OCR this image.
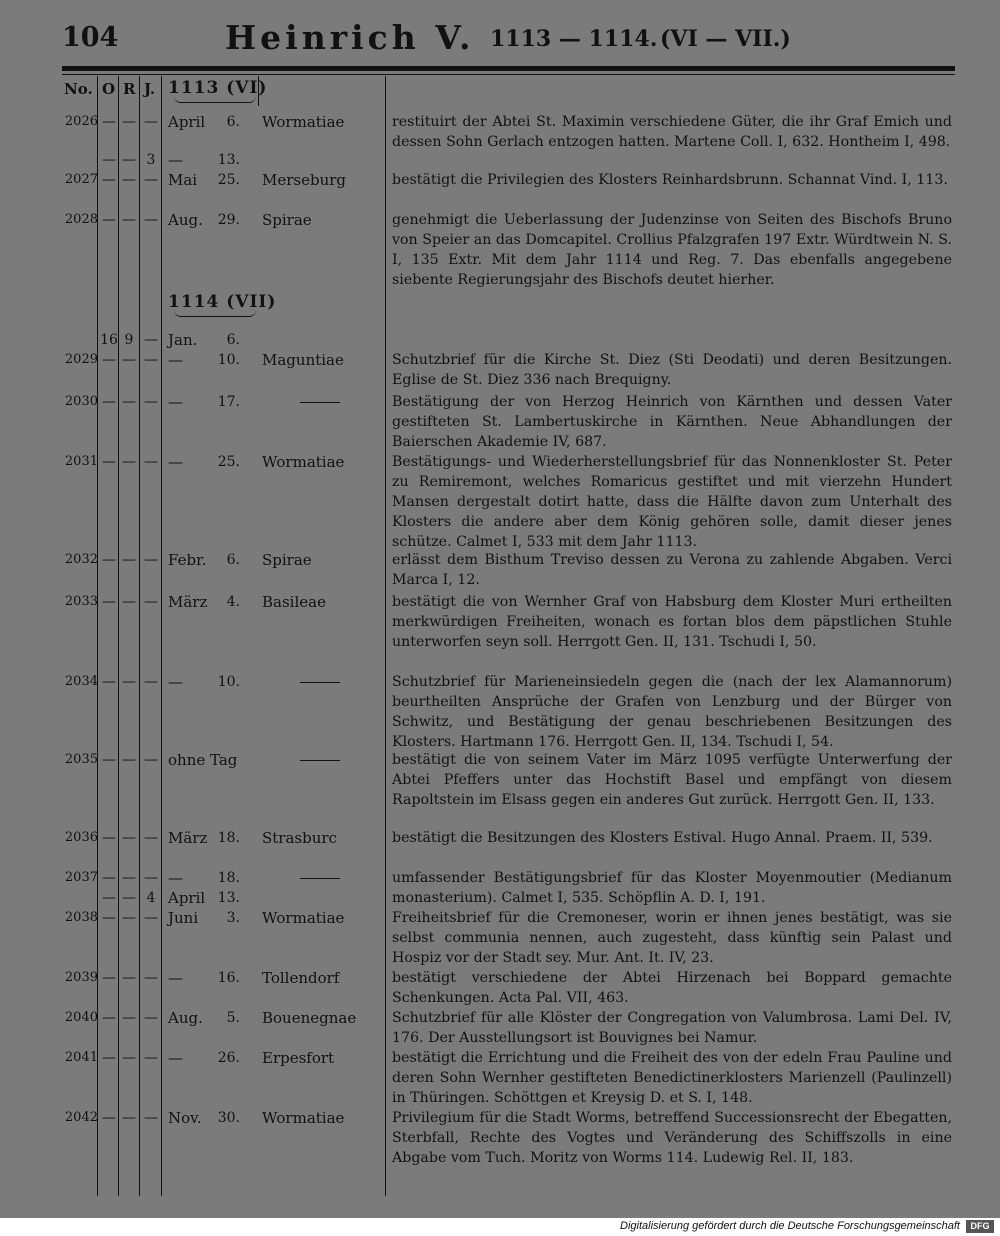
104	Heinrich V. 1113 — 1114. (VI — VII.)
No. O R J. 1113 (VI)
1114 (VII)
2026 — — — April	6. Wormatiae	restituirt der Abtei St. Maximin verschiedene Güter, die ihr Graf Emich und dessen Sohn Gerlach entzogen hatten. Martene Coll. I, 632. Hontheim I, 498.
— — 3 —	13.
2027 — — — Mai	25. Merseburg	bestätigt die Privilegien des Klosters Reinhardsbrunn. Schannat Vind. I, 113.
2028 — — — Aug.	29. Spirae	genehmigt die Ueberlassung der Judenzinse von Seiten des Bischofs Bruno von Speier an das Domcapitel. Crollius Pfalzgrafen 197 Extr. Würdtwein N. S. I, 135 Extr. Mit dem Jahr 1114 und Reg. 7. Das ebenfalls angegebene siebente Regierungsjahr des Bischofs deutet hierher.
16 9 — Jan.	6.
2029 — — — —	10. Maguntiae	Schutzbrief für die Kirche St. Diez (Sti Deodati) und deren Besitzungen. Eglise de St. Diez 336 nach Brequigny.
2030 — — — —	17.	Bestätigung der von Herzog Heinrich von Kärnthen und dessen Vater gestifteten St. Lambertuskirche in Kärnthen. Neue Abhandlungen der Baierschen Akademie IV, 687.
2031 — — — —	25. Wormatiae	Bestätigungs- und Wiederherstellungsbrief für das Nonnenkloster St. Peter zu Remiremont, welches Romaricus gestiftet und mit vierzehn Hundert Mansen dergestalt dotirt hatte, dass die Hälfte davon zum Unterhalt des Klosters die andere aber dem König gehören solle, damit dieser jenes schütze. Calmet I, 533 mit dem Jahr 1113.
2032 — — — Febr.	6. Spirae	erlässt dem Bisthum Treviso dessen zu Verona zu zahlende Abgaben. Verci Marca I, 12.
2033 — — — März	4. Basileae	bestätigt die von Wernher Graf von Habsburg dem Kloster Muri ertheilten merkwürdigen Freiheiten, wonach es fortan blos dem päpstlichen Stuhle unterworfen seyn soll. Herrgott Gen. II, 131. Tschudi I, 50.
2034 — — — —	10.	Schutzbrief für Marieneinsiedeln gegen die (nach der lex Alamannorum) beurtheilten Ansprüche der Grafen von Lenzburg und der Bürger von Schwitz, und Bestätigung der genau beschriebenen Besitzungen des Klosters. Hartmann 176. Herrgott Gen. II, 134. Tschudi I, 54.
2035 — — — ohne Tag	bestätigt die von seinem Vater im März 1095 verfügte Unterwerfung der Abtei Pfeffers unter das Hochstift Basel und empfängt von diesem Rapoltstein im Elsass gegen ein anderes Gut zurück. Herrgott Gen. II, 133.
2036 — — — März 18. Strasburc	bestätigt die Besitzungen des Klosters Estival. Hugo Annal. Praem. II, 539.
2037 — — — —	18.	umfassender Bestätigungsbrief für das Kloster Moyenmoutier (Medianum monasterium). Calmet I, 535. Schöpflin A. D. I, 191.
— — 4 April 13.
2038 — — — Juni	3. Wormatiae	Freiheitsbrief für die Cremoneser, worin er ihnen jenes bestätigt, was sie selbst communia nennen, auch zugesteht, dass künftig sein Palast und Hospiz vor der Stadt sey. Mur. Ant. It. IV, 23.
2039 — — — —	16. Tollendorf	bestätigt verschiedene der Abtei Hirzenach bei Boppard gemachte Schenkungen. Acta Pal. VII, 463.
2040 — — — Aug.	5. Bouenegnae	Schutzbrief für alle Klöster der Congregation von Valumbrosa. Lami Del. IV, 176. Der Ausstellungsort ist Bouvignes bei Namur.
2041 — — — —	26. Erpesfort	bestätigt die Errichtung und die Freiheit des von der edeln Frau Pauline und deren Sohn Wernher gestifteten Benedictinerklosters Marienzell (Paulinzell) in Thüringen. Schöttgen et Kreysig D. et S. I, 148.
2042 — — — Nov.	30. Wormatiae	Privilegium für die Stadt Worms, betreffend Successionsrecht der Ebegatten, Sterbfall, Rechte des Vogtes und Veränderung des Schiffszolls in eine Abgabe vom Tuch. Moritz von Worms 114. Ludewig Rel. II, 183.
Digitalisierung gefördert durch die Deutsche Forschungsgemeinschaft	DFG
